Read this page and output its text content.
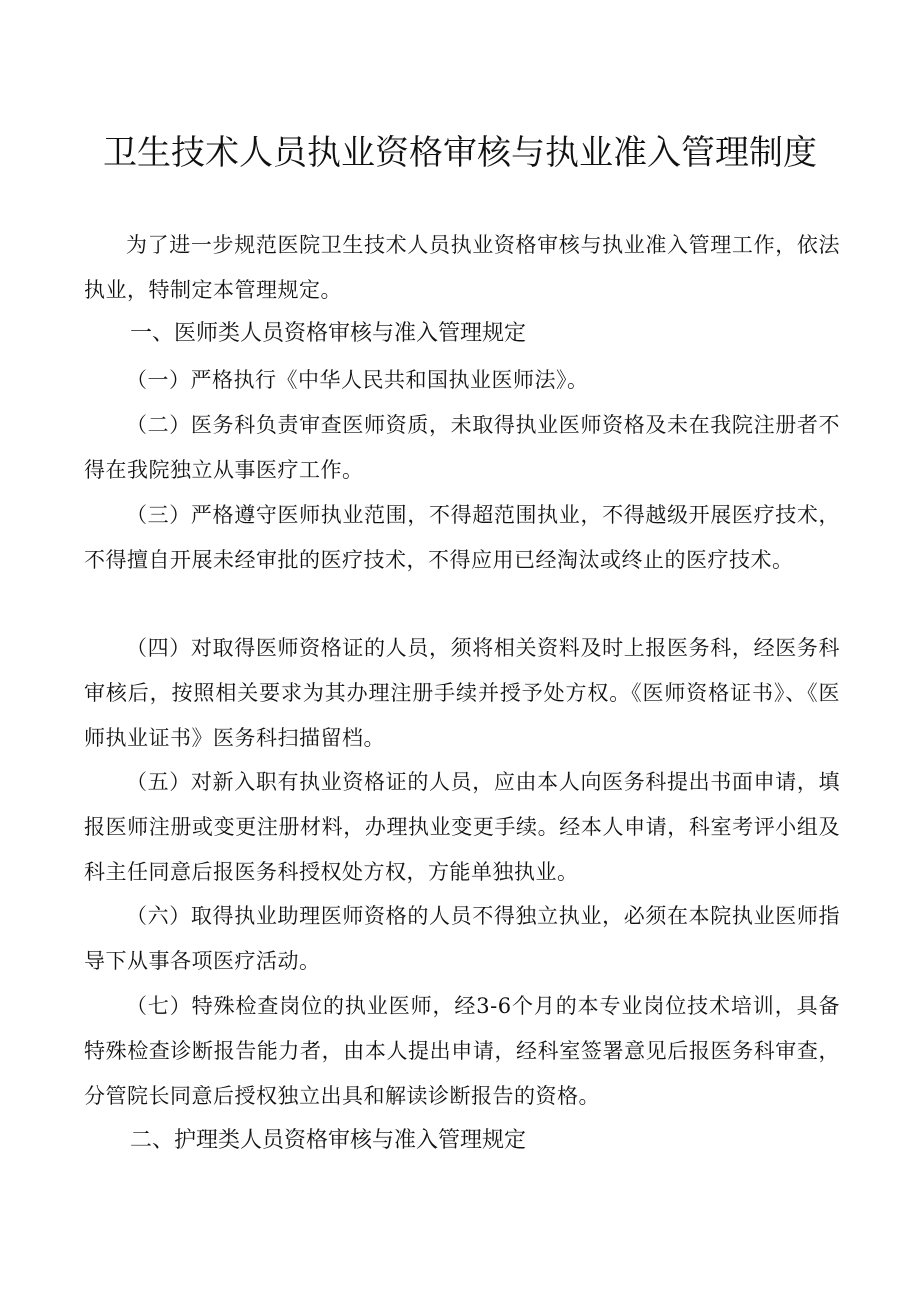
卫生技术人员执业资格审核与执业准入管理制度

为了进一步规范医院卫生技术人员执业资格审核与执业准入管理工作，依法执业，特制定本管理规定。

一、医师类人员资格审核与准入管理规定

（一）严格执行《中华人民共和国执业医师法》。

（二）医务科负责审查医师资质，未取得执业医师资格及未在我院注册者不得在我院独立从事医疗工作。

（三）严格遵守医师执业范围，不得超范围执业，不得越级开展医疗技术，不得擅自开展未经审批的医疗技术，不得应用已经淘汰或终止的医疗技术。

（四）对取得医师资格证的人员，须将相关资料及时上报医务科，经医务科审核后，按照相关要求为其办理注册手续并授予处方权。《医师资格证书》、《医师执业证书》医务科扫描留档。

（五）对新入职有执业资格证的人员，应由本人向医务科提出书面申请，填报医师注册或变更注册材料，办理执业变更手续。经本人申请，科室考评小组及科主任同意后报医务科授权处方权，方能单独执业。

（六）取得执业助理医师资格的人员不得独立执业，必须在本院执业医师指导下从事各项医疗活动。

（七）特殊检查岗位的执业医师，经3-6个月的本专业岗位技术培训，具备特殊检查诊断报告能力者，由本人提出申请，经科室签署意见后报医务科审查，分管院长同意后授权独立出具和解读诊断报告的资格。

二、护理类人员资格审核与准入管理规定
